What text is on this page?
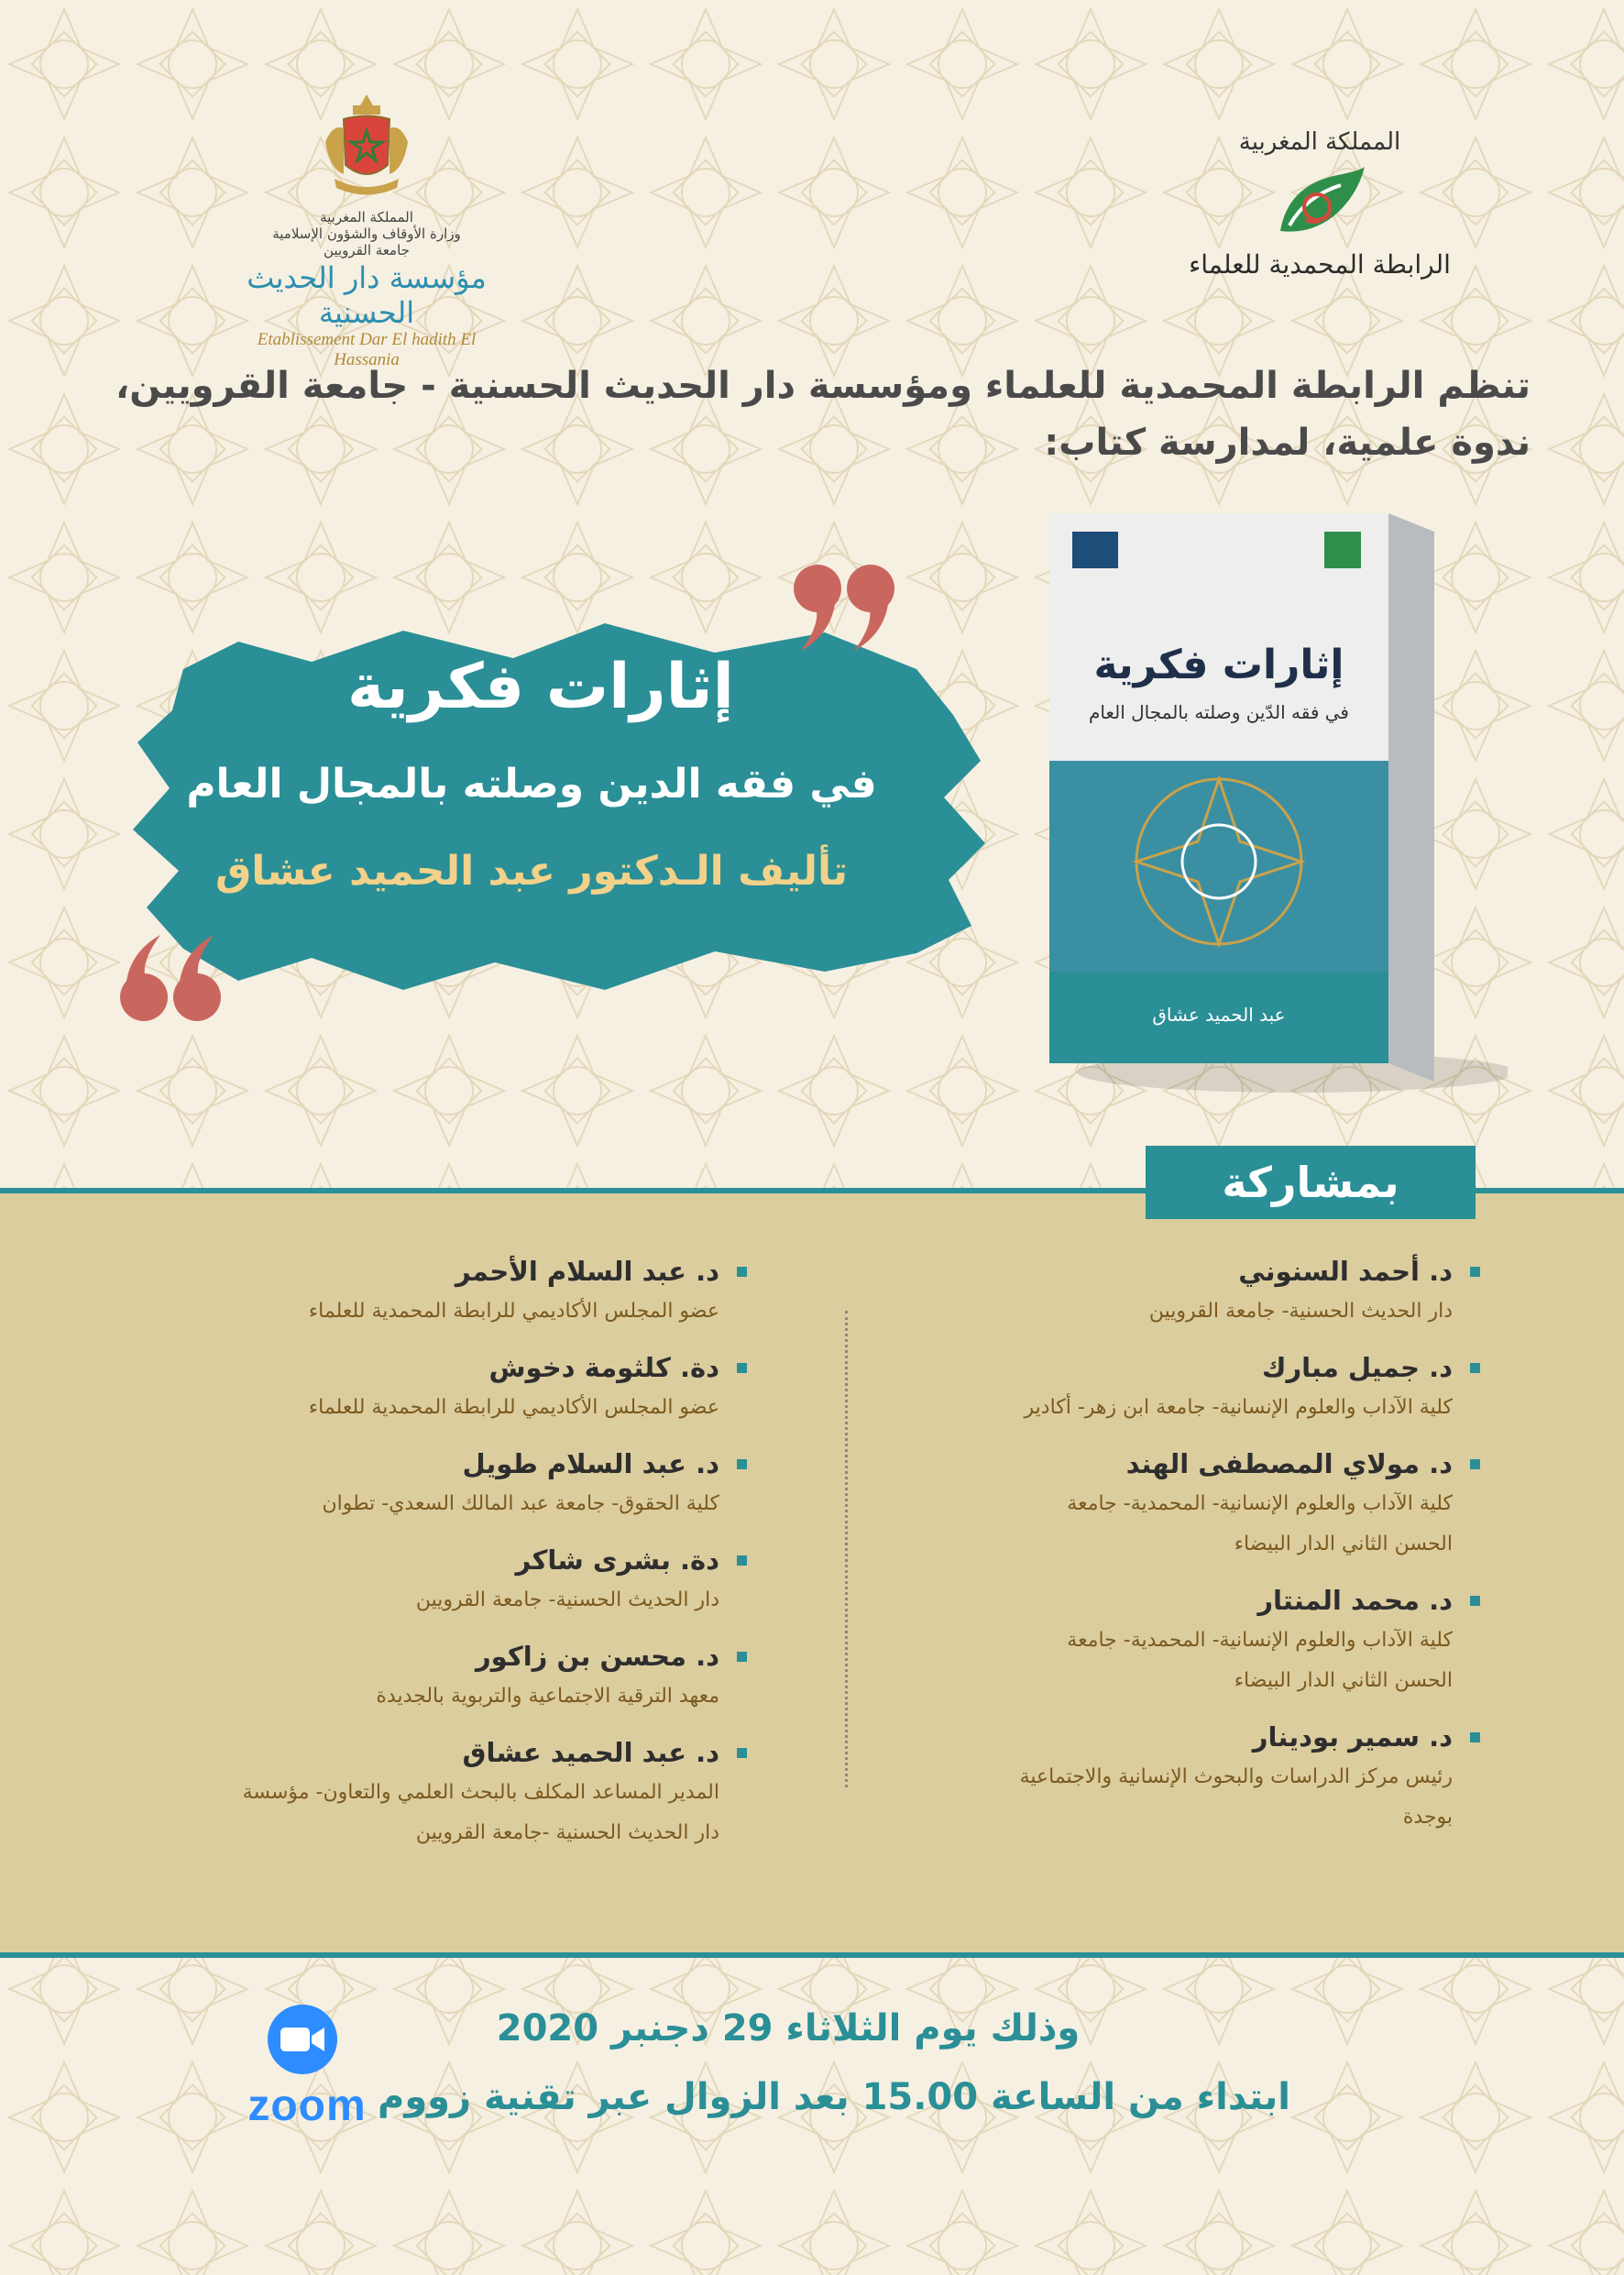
المملكة المغربية
وزارة الأوقاف والشؤون الإسلامية
جامعة القرويين
مؤسسة دار الحديث الحسنية
Etablissement Dar El hadith El Hassania
المملكة المغربية
الرابطة المحمدية للعلماء
تنظم الرابطة المحمدية للعلماء ومؤسسة دار الحديث الحسنية - جامعة القرويين،
ندوة علمية، لمدارسة كتاب:
إثارات فكرية
في فقه الدين وصلته بالمجال العام
تأليف الـدكتور عبد الحميد عشاق
إثارات فكرية
في فقه الدّين وصلته بالمجال العام
عبد الحميد عشاق
بمشاركة
د. أحمد السنوني
دار الحديث الحسنية- جامعة القرويين
د. جميل مبارك
كلية الآداب والعلوم الإنسانية- جامعة ابن زهر- أكادير
د. مولاي المصطفى الهند
كلية الآداب والعلوم الإنسانية- المحمدية- جامعة
الحسن الثاني الدار البيضاء
د. محمد المنتار
كلية الآداب والعلوم الإنسانية- المحمدية- جامعة
الحسن الثاني الدار البيضاء
د. سمير بودينار
رئيس مركز الدراسات والبحوث الإنسانية والاجتماعية
بوجدة
د. عبد السلام الأحمر
عضو المجلس الأكاديمي للرابطة المحمدية للعلماء
دة. كلثومة دخوش
عضو المجلس الأكاديمي للرابطة المحمدية للعلماء
د. عبد السلام طويل
كلية الحقوق- جامعة عبد المالك السعدي- تطوان
دة. بشرى شاكر
دار الحديث الحسنية- جامعة القرويين
د. محسن بن زاكور
معهد الترقية الاجتماعية والتربوية بالجديدة
د. عبد الحميد عشاق
المدير المساعد المكلف بالبحث العلمي والتعاون- مؤسسة
دار الحديث الحسنية -جامعة القرويين
وذلك يوم الثلاثاء 29 دجنبر 2020
ابتداء من الساعة 15.00 بعد الزوال عبر تقنية زووم
zoom
